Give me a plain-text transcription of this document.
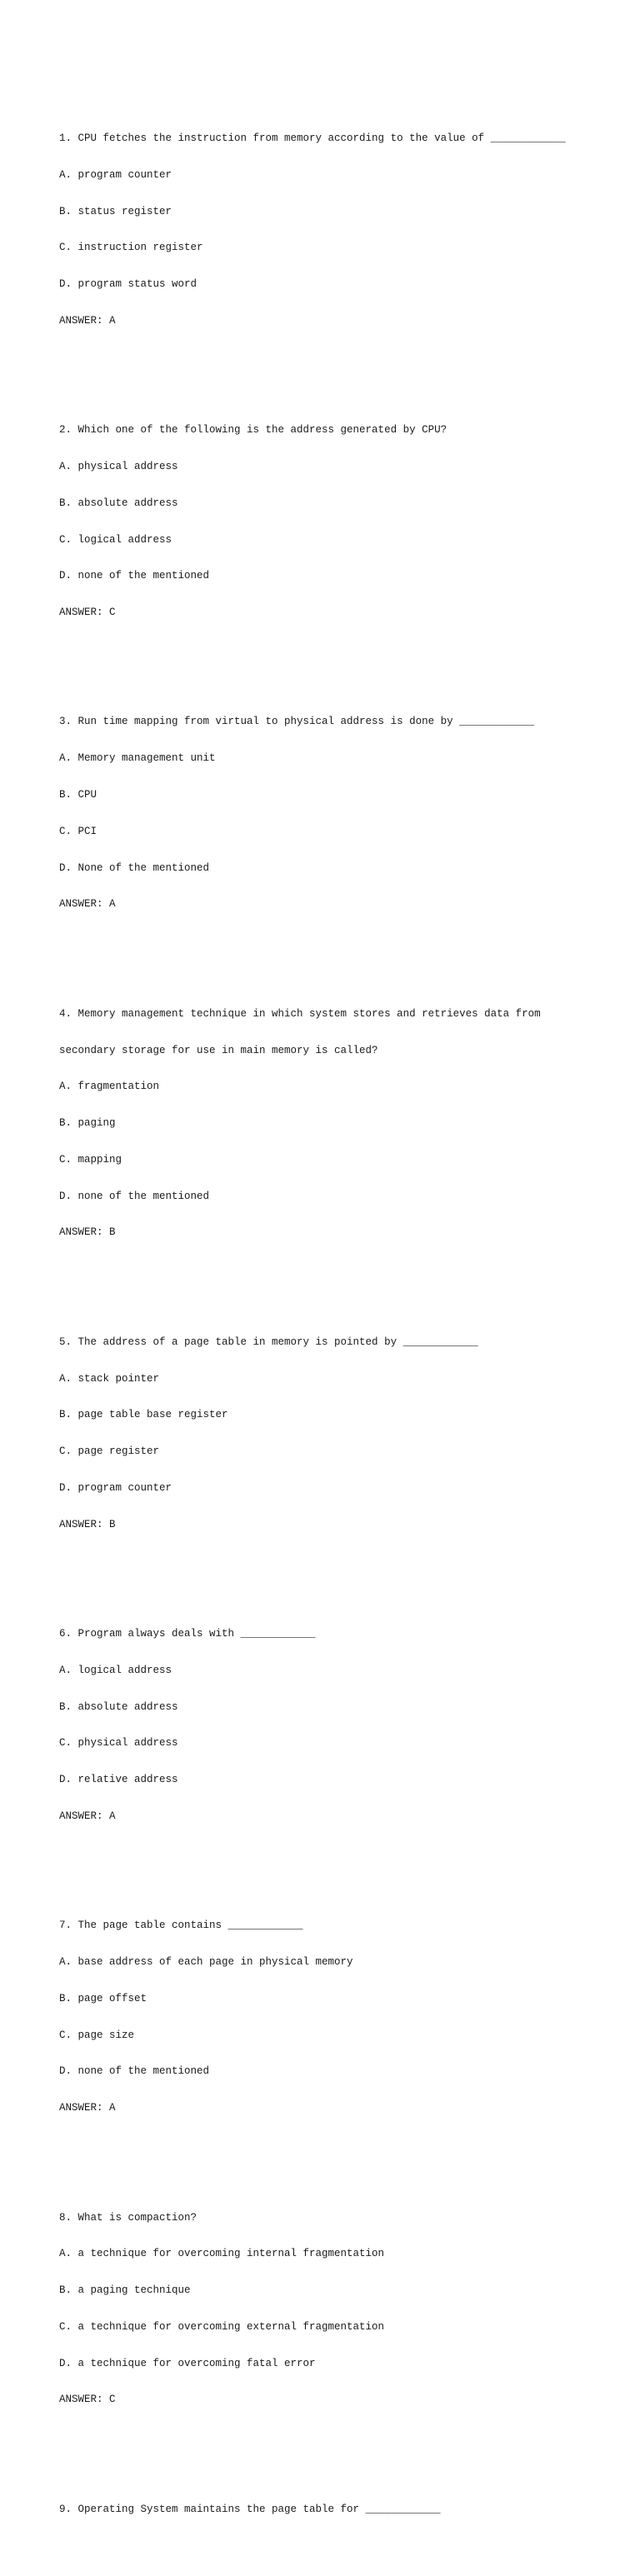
1. CPU fetches the instruction from memory according to the value of ____________

A. program counter

B. status register

C. instruction register

D. program status word

ANSWER: A

2. Which one of the following is the address generated by CPU?

A. physical address

B. absolute address

C. logical address

D. none of the mentioned

ANSWER: C

3. Run time mapping from virtual to physical address is done by ____________

A. Memory management unit

B. CPU

C. PCI

D. None of the mentioned

ANSWER: A

4. Memory management technique in which system stores and retrieves data from

secondary storage for use in main memory is called?

A. fragmentation

B. paging

C. mapping

D. none of the mentioned

ANSWER: B

5. The address of a page table in memory is pointed by ____________

A. stack pointer

B. page table base register

C. page register

D. program counter

ANSWER: B

6. Program always deals with ____________

A. logical address

B. absolute address

C. physical address

D. relative address

ANSWER: A

7. The page table contains ____________

A. base address of each page in physical memory

B. page offset

C. page size

D. none of the mentioned

ANSWER: A

8. What is compaction?

A. a technique for overcoming internal fragmentation

B. a paging technique

C. a technique for overcoming external fragmentation

D. a technique for overcoming fatal error

ANSWER: C

9. Operating System maintains the page table for ____________
